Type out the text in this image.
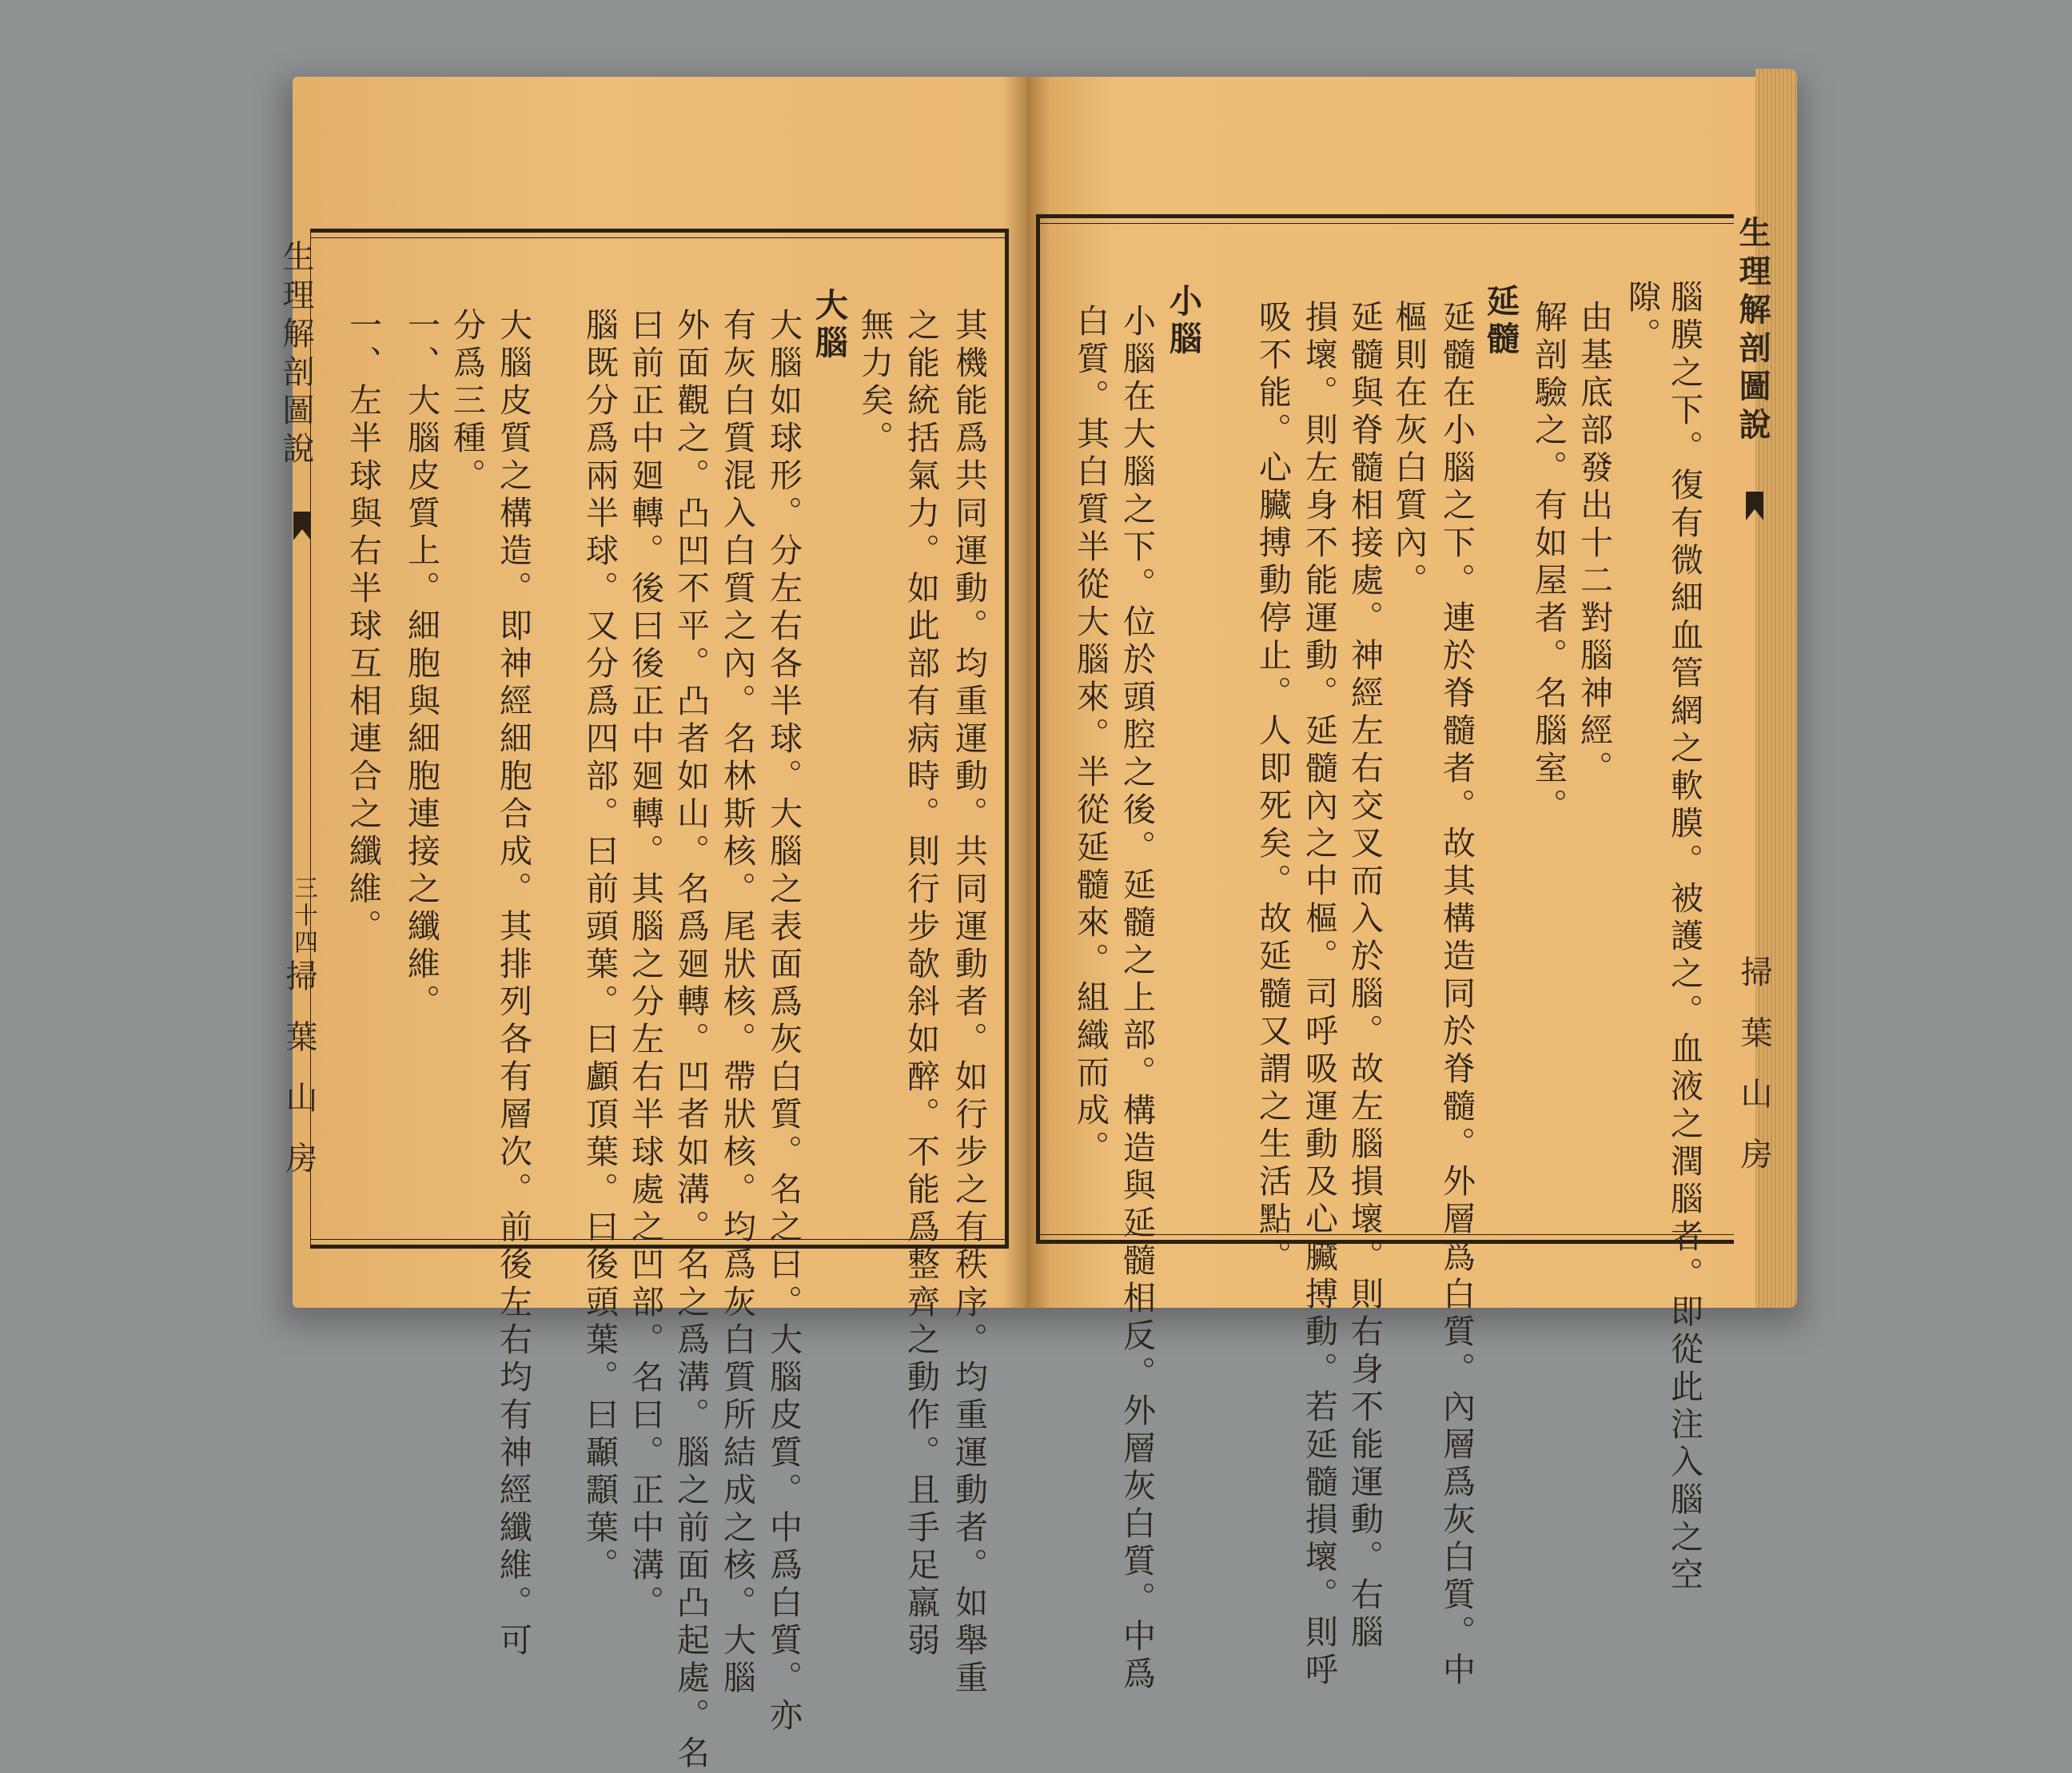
生理解剖圖說
三十四
掃葉山房
生理解剖圖說
掃葉山房
腦膜之下。復有微細血管網之軟膜。被護之。血液之潤腦者。即從此注入腦之空
隙。
由基底部發出十二對腦神經。
解剖驗之。有如屋者。名腦室。
延髓
延髓在小腦之下。連於脊髓者。故其構造同於脊髓。外層爲白質。內層爲灰白質。中
樞則在灰白質內。
延髓與脊髓相接處。神經左右交叉而入於腦。故左腦損壞。則右身不能運動。右腦
損壞。則左身不能運動。延髓內之中樞。司呼吸運動及心臟搏動。若延髓損壞。則呼
吸不能。心臟搏動停止。人即死矣。故延髓又謂之生活點。
小腦
小腦在大腦之下。位於頭腔之後。延髓之上部。構造與延髓相反。外層灰白質。中爲
白質。其白質半從大腦來。半從延髓來。組織而成。
其機能爲共同運動。均重運動。共同運動者。如行步之有秩序。均重運動者。如舉重
之能統括氣力。如此部有病時。則行步欹斜如醉。不能爲整齊之動作。且手足羸弱
無力矣。
大腦
大腦如球形。分左右各半球。大腦之表面爲灰白質。名之曰。大腦皮質。中爲白質。亦
有灰白質混入白質之內。名林斯核。尾狀核。帶狀核。均爲灰白質所結成之核。大腦
外面觀之。凸凹不平。凸者如山。名爲廻轉。凹者如溝。名之爲溝。腦之前面凸起處。名
曰前正中廻轉。後曰後正中廻轉。其腦之分左右半球處之凹部。名曰。正中溝。
腦既分爲兩半球。又分爲四部。曰前頭葉。曰顱頂葉。曰後頭葉。曰顳顬葉。
大腦皮質之構造。即神經細胞合成。其排列各有層次。前後左右均有神經纖維。可
分爲三種。
一、大腦皮質上。細胞與細胞連接之纖維。
一、左半球與右半球互相連合之纖維。
